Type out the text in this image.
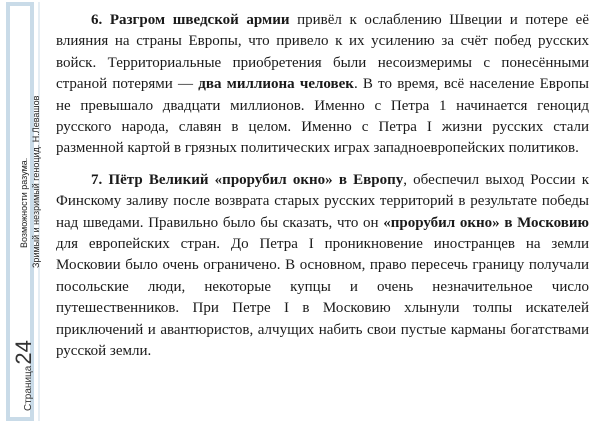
Страница24
Возможности разума. Зримый и незримый геноцид. Н.Левашов

6. Разгром шведской армии привёл к ослаблению Швеции и потере её влияния на страны Европы, что привело к их усилению за счёт побед русских войск. Территориальные приобретения были несоизмеримы с понесёнными страной потерями — два миллиона человек. В то время, всё население Европы не превышало двадцати миллионов. Именно с Петра 1 начинается геноцид русского народа, славян в целом. Именно с Петра I жизни русских стали разменной картой в грязных политических играх западноевропейских политиков.

7. Пётр Великий «прорубил окно» в Европу, обеспечил выход России к Финскому заливу после возврата старых русских территорий в результате победы над шведами. Правильно было бы сказать, что он «прорубил окно» в Московию для европейских стран. До Петра I проникновение иностранцев на земли Московии было очень ограничено. В основном, право пересечь границу получали посольские люди, некоторые купцы и очень незначительное число путешественников. При Петре I в Московию хлынули толпы искателей приключений и авантюристов, алчущих набить свои пустые карманы богатствами русской земли.
